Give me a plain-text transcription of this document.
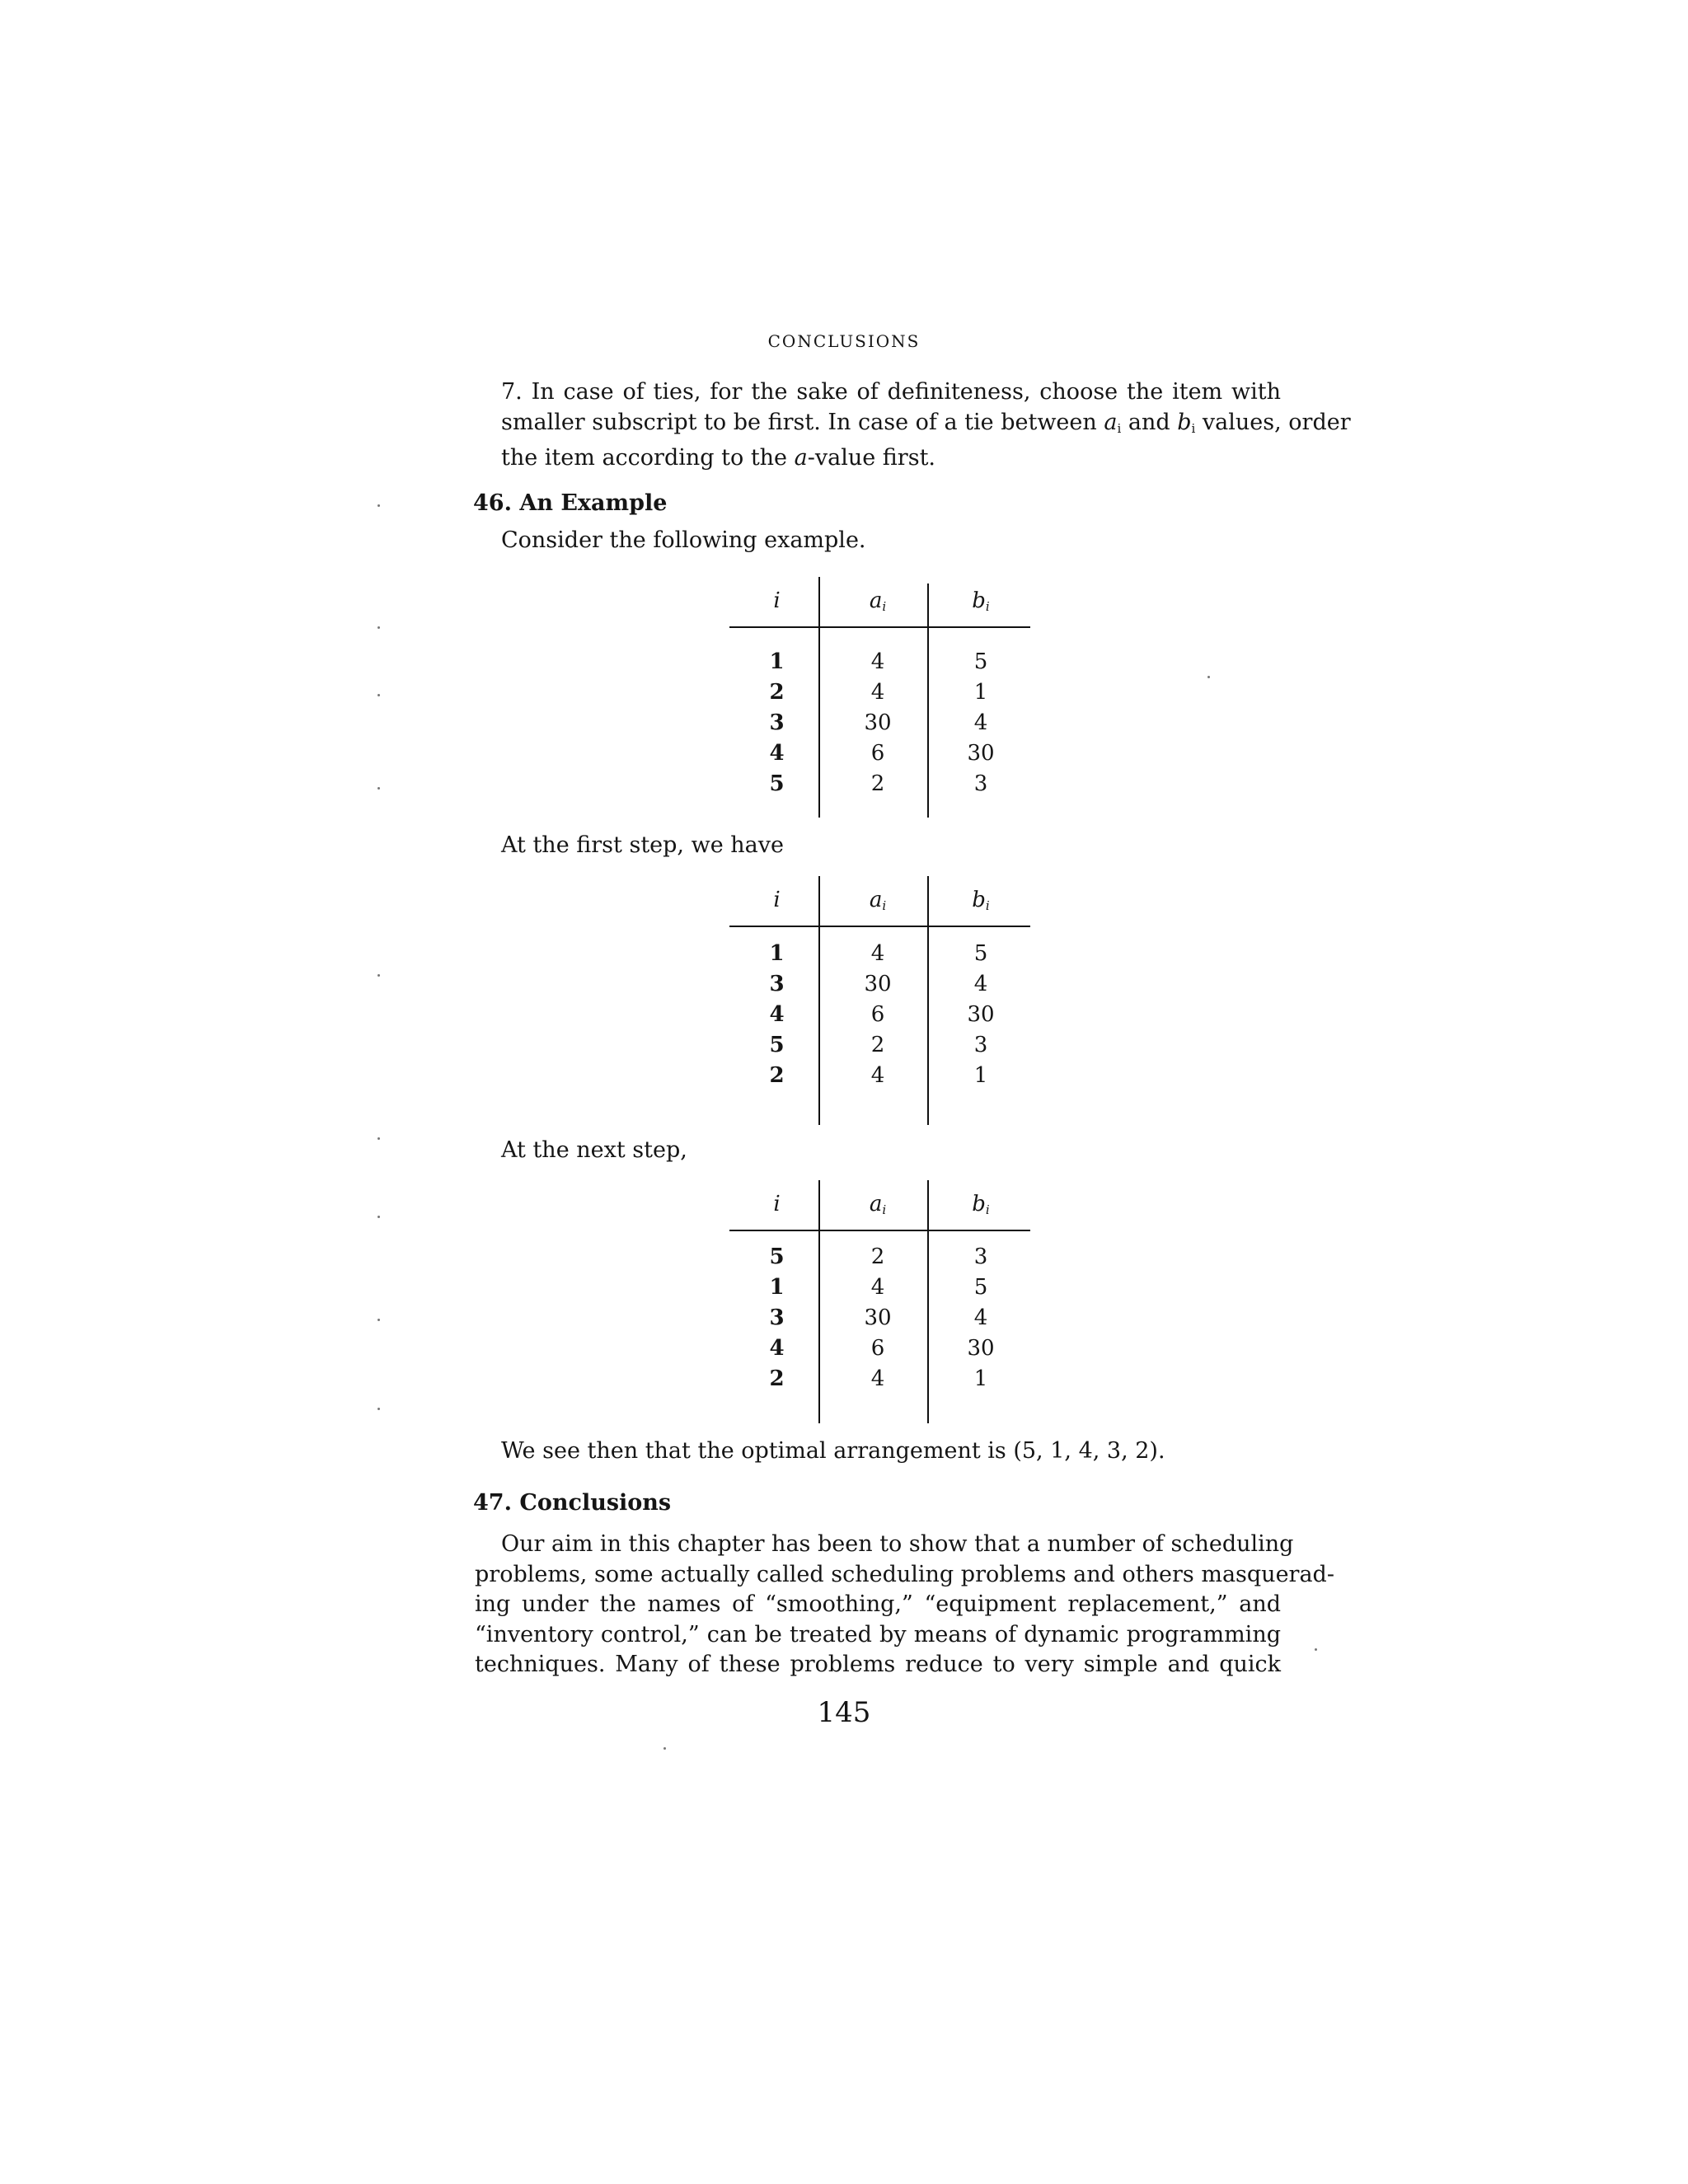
CONCLUSIONS
7. In case of ties, for the sake of definiteness, choose the item with
smaller subscript to be first. In case of a tie between $a_i$ and $b_i$ values, order
the item according to the a-value first.
46. An Example
Consider the following example.
i	$a_i$	$b_i$
1	4	5
2	4	1
3	30	4
4	6	30
5	2	3
At the first step, we have
i	$a_i$	$b_i$
1	4	5
3	30	4
4	6	30
5	2	3
2	4	1
At the next step,
i	$a_i$	$b_i$
5	2	3
1	4	5
3	30	4
4	6	30
2	4	1
We see then that the optimal arrangement is (5, 1, 4, 3, 2).
47. Conclusions
Our aim in this chapter has been to show that a number of scheduling
problems, some actually called scheduling problems and others masquerad-
ing under the names of “smoothing,” “equipment replacement,” and
“inventory control,” can be treated by means of dynamic programming
techniques. Many of these problems reduce to very simple and quick
145
